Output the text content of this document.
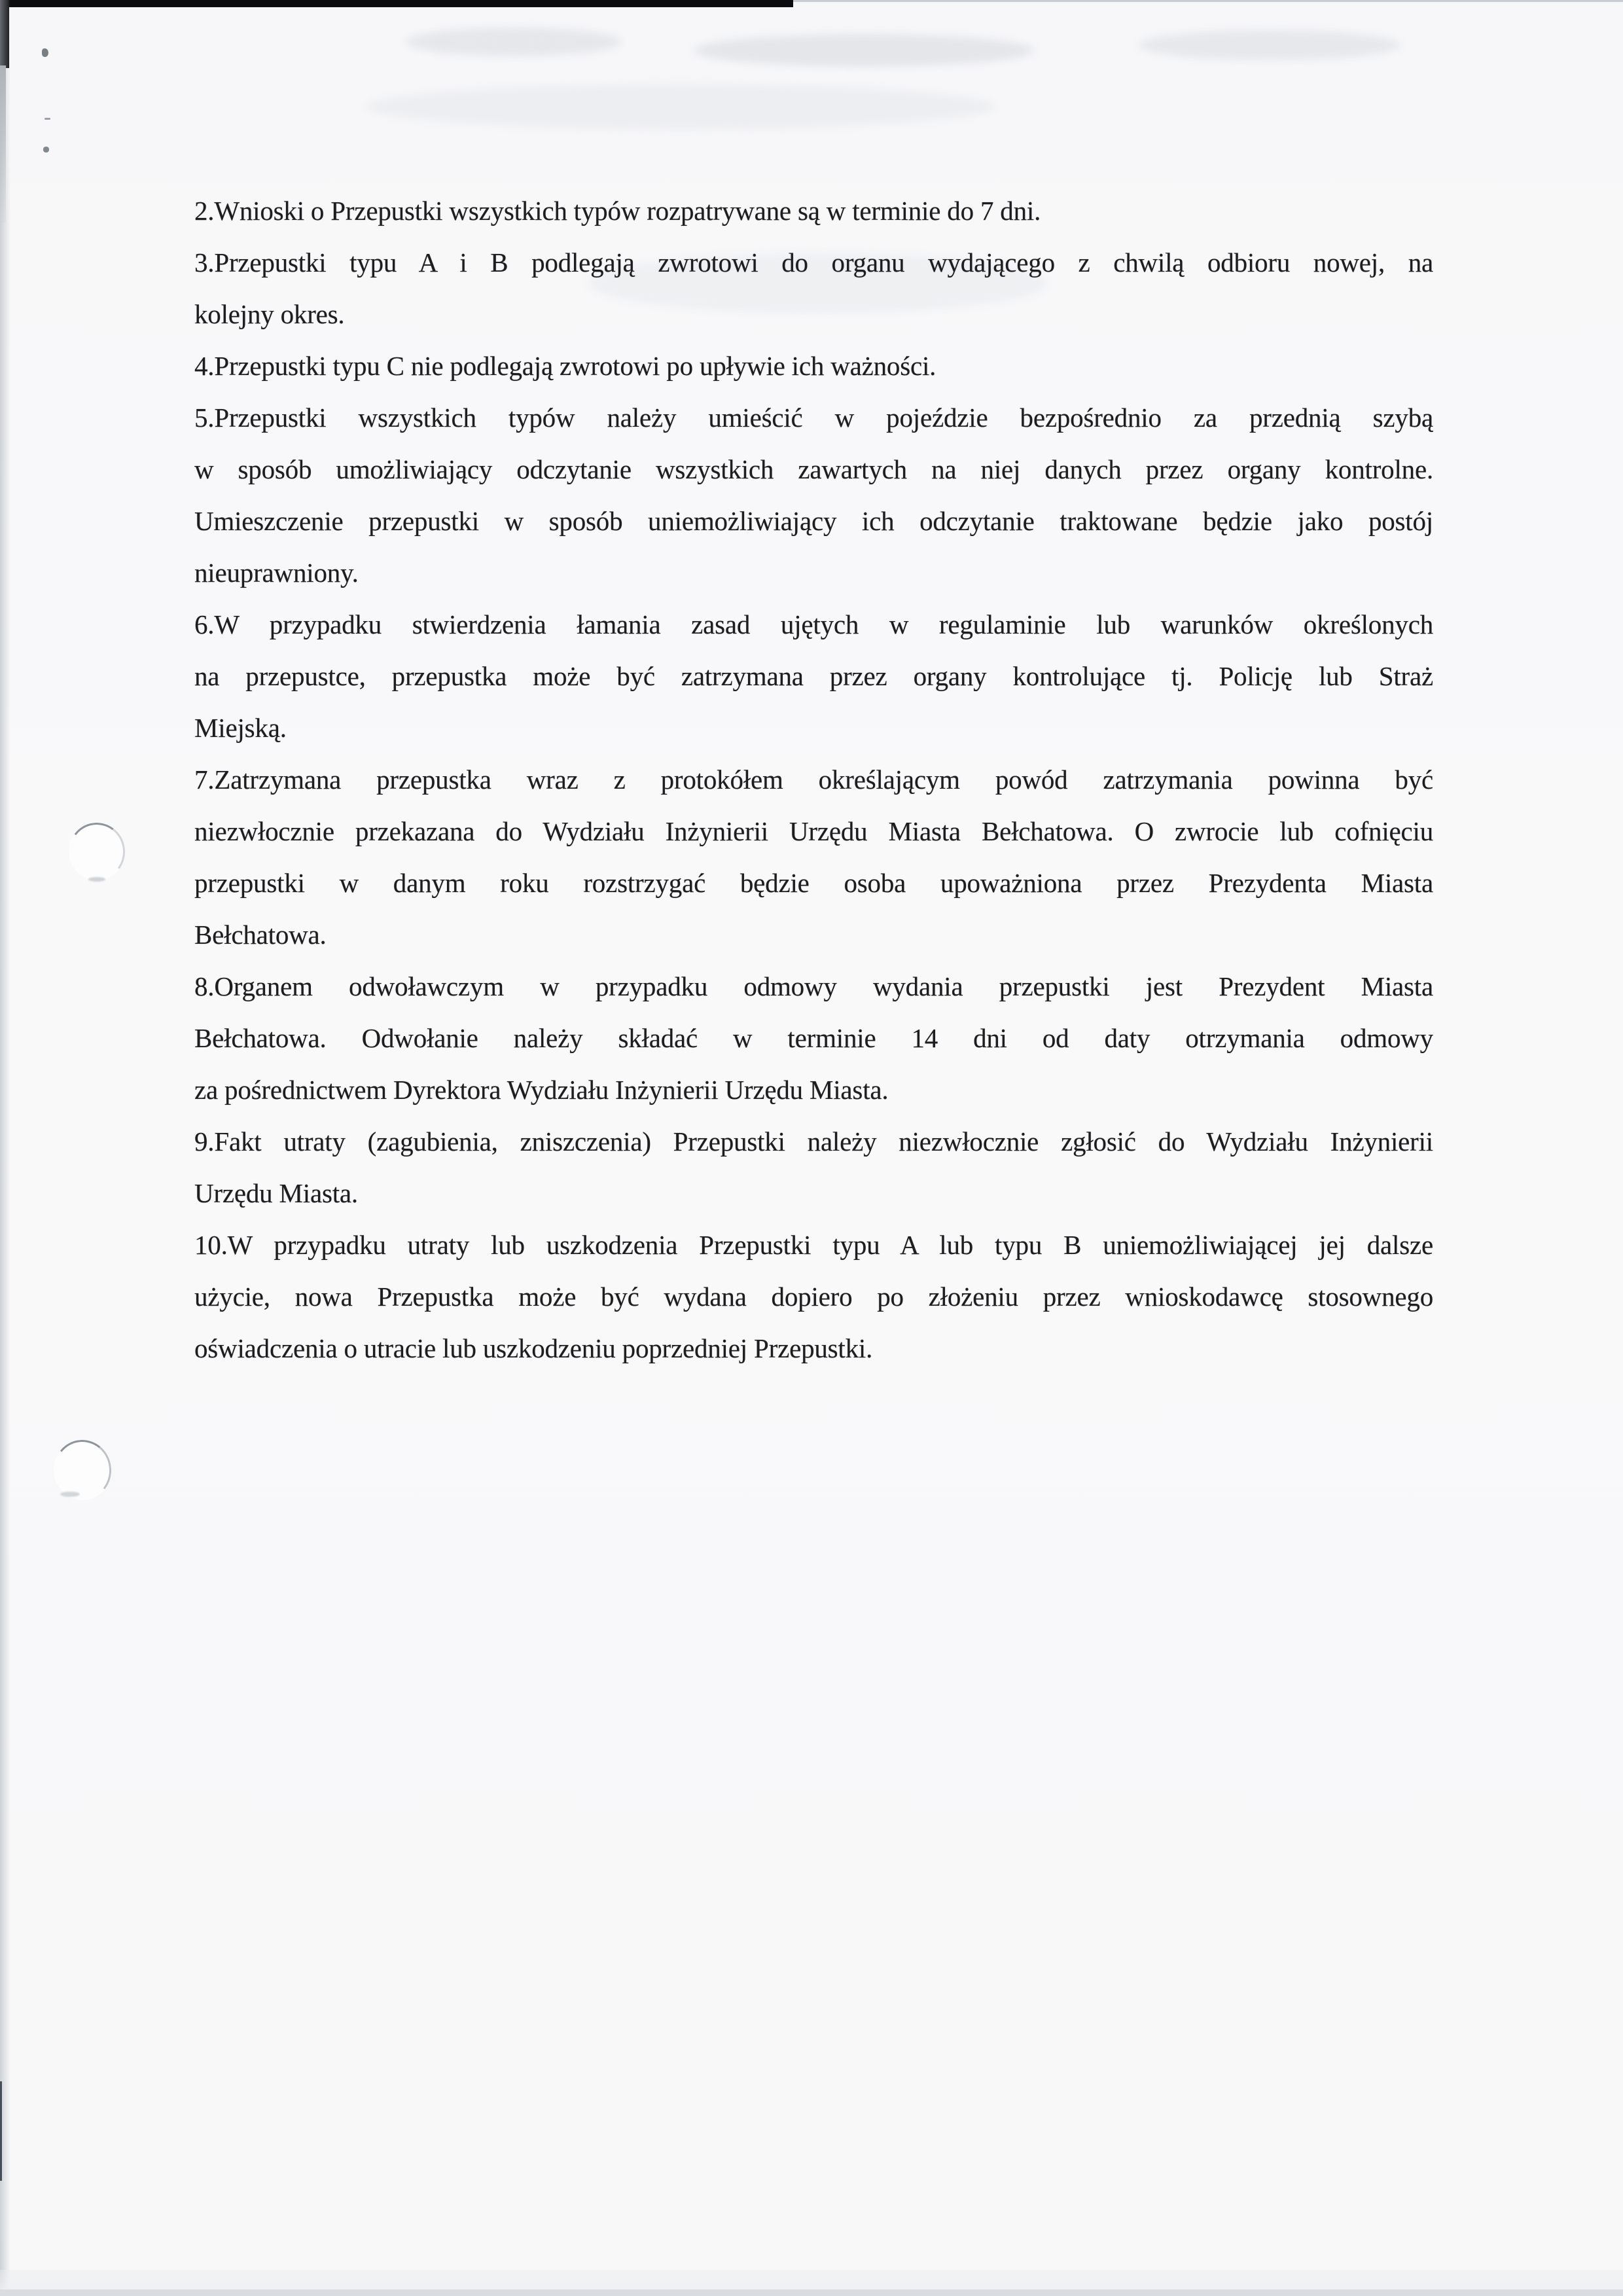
2.Wnioski o Przepustki wszystkich typów rozpatrywane są w terminie do 7 dni.
3.Przepustki typu A i B podlegają zwrotowi do organu wydającego z chwilą odbioru nowej, na
kolejny okres.
4.Przepustki typu C nie podlegają zwrotowi po upływie ich ważności.
5.Przepustki wszystkich typów należy umieścić w pojeździe bezpośrednio za przednią szybą
w sposób umożliwiający odczytanie wszystkich zawartych na niej danych przez organy kontrolne.
Umieszczenie przepustki w sposób uniemożliwiający ich odczytanie traktowane będzie jako postój
nieuprawniony.
6.W przypadku stwierdzenia łamania zasad ujętych w regulaminie lub warunków określonych
na przepustce, przepustka może być zatrzymana przez organy kontrolujące tj. Policję lub Straż
Miejską.
7.Zatrzymana przepustka wraz z protokółem określającym powód zatrzymania powinna być
niezwłocznie przekazana do Wydziału Inżynierii Urzędu Miasta Bełchatowa. O zwrocie lub cofnięciu
przepustki w danym roku rozstrzygać będzie osoba upoważniona przez Prezydenta Miasta
Bełchatowa.
8.Organem odwoławczym w przypadku odmowy wydania przepustki jest Prezydent Miasta
Bełchatowa. Odwołanie należy składać w terminie 14 dni od daty otrzymania odmowy
za pośrednictwem Dyrektora Wydziału Inżynierii Urzędu Miasta.
9.Fakt utraty (zagubienia, zniszczenia) Przepustki należy niezwłocznie zgłosić do Wydziału Inżynierii
Urzędu Miasta.
10.W przypadku utraty lub uszkodzenia Przepustki typu A lub typu B uniemożliwiającej jej dalsze
użycie, nowa Przepustka może być wydana dopiero po złożeniu przez wnioskodawcę stosownego
oświadczenia o utracie lub uszkodzeniu poprzedniej Przepustki.
